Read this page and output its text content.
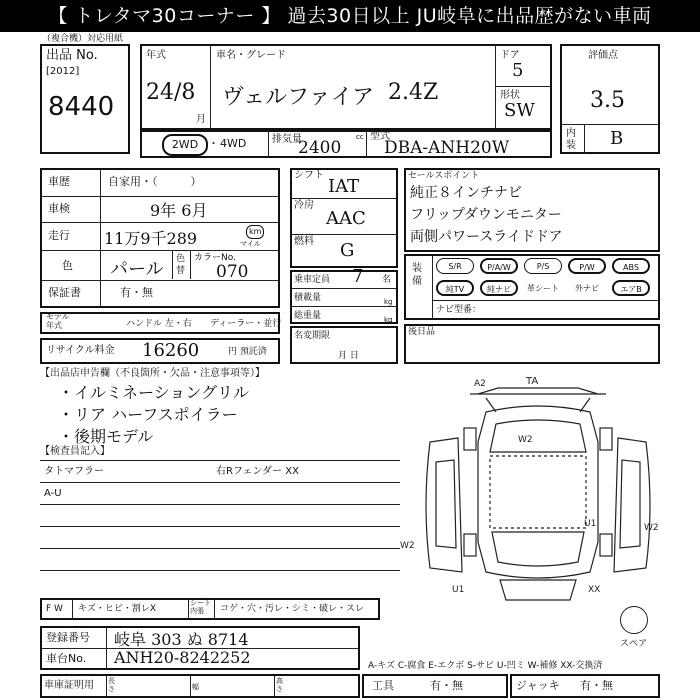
【 トレタマ30コーナー 】 過去30日以上 JU岐阜に出品歴がない車両
（複合機）対応用紙
出品 No.
[2012]
8440
年式
24/8
月
車名・グレード
ヴェルファイア 2.4Z
ドア
5
形状
SW
評価点
3.5
内装 B
2WD ・ 4WD	排気量	cc
2400
型式
DBA-ANH20W
車歴	自家用・（　　　）
車検	9年 6月
走行 11万9千289	km
マイル
色 パール 色替
カラーNo.
070
保証書	有・無
モデル年式	ハンドル 左・右 ディーラー・並行
リサイクル料金 16260	円 預託済
シフト
IAT
冷房
AAC
燃料 G
乗車定員 7 名
積載量	kg
総重量	kg
名変期限
月 日
セールスポイント
純正８インチナビ
フリップダウンモニター
両側パワースライドドア
装備
S/R	P/A/W	P/S	P/W	ABS
純TV	純ナビ	革シート	外ナビ	エアB
ナビ型番：
後日品
【出品店申告欄（不良箇所・欠品・注意事項等）】
・イルミネーショングリル
・リア ハーフスポイラー
・後期モデル
【検査員記入】
タトマフラー	右Rフェンダー XX
A-U
A2	TA
W2
U1	W2
W2
U1	XX
スペア
F W キズ・ヒビ・割レX
シート内張	コゲ・穴・汚レ・シミ・破レ・スレ
登録番号 岐阜 303 ぬ 8714
車台No. ANH20-8242252	A-キズ C-腐食 E-エクボ S-サビ U-凹ミ W-補修 XX-交換済
車庫証明用 長さ	幅
高さ	工具	有・無	ジャッキ 有・無
